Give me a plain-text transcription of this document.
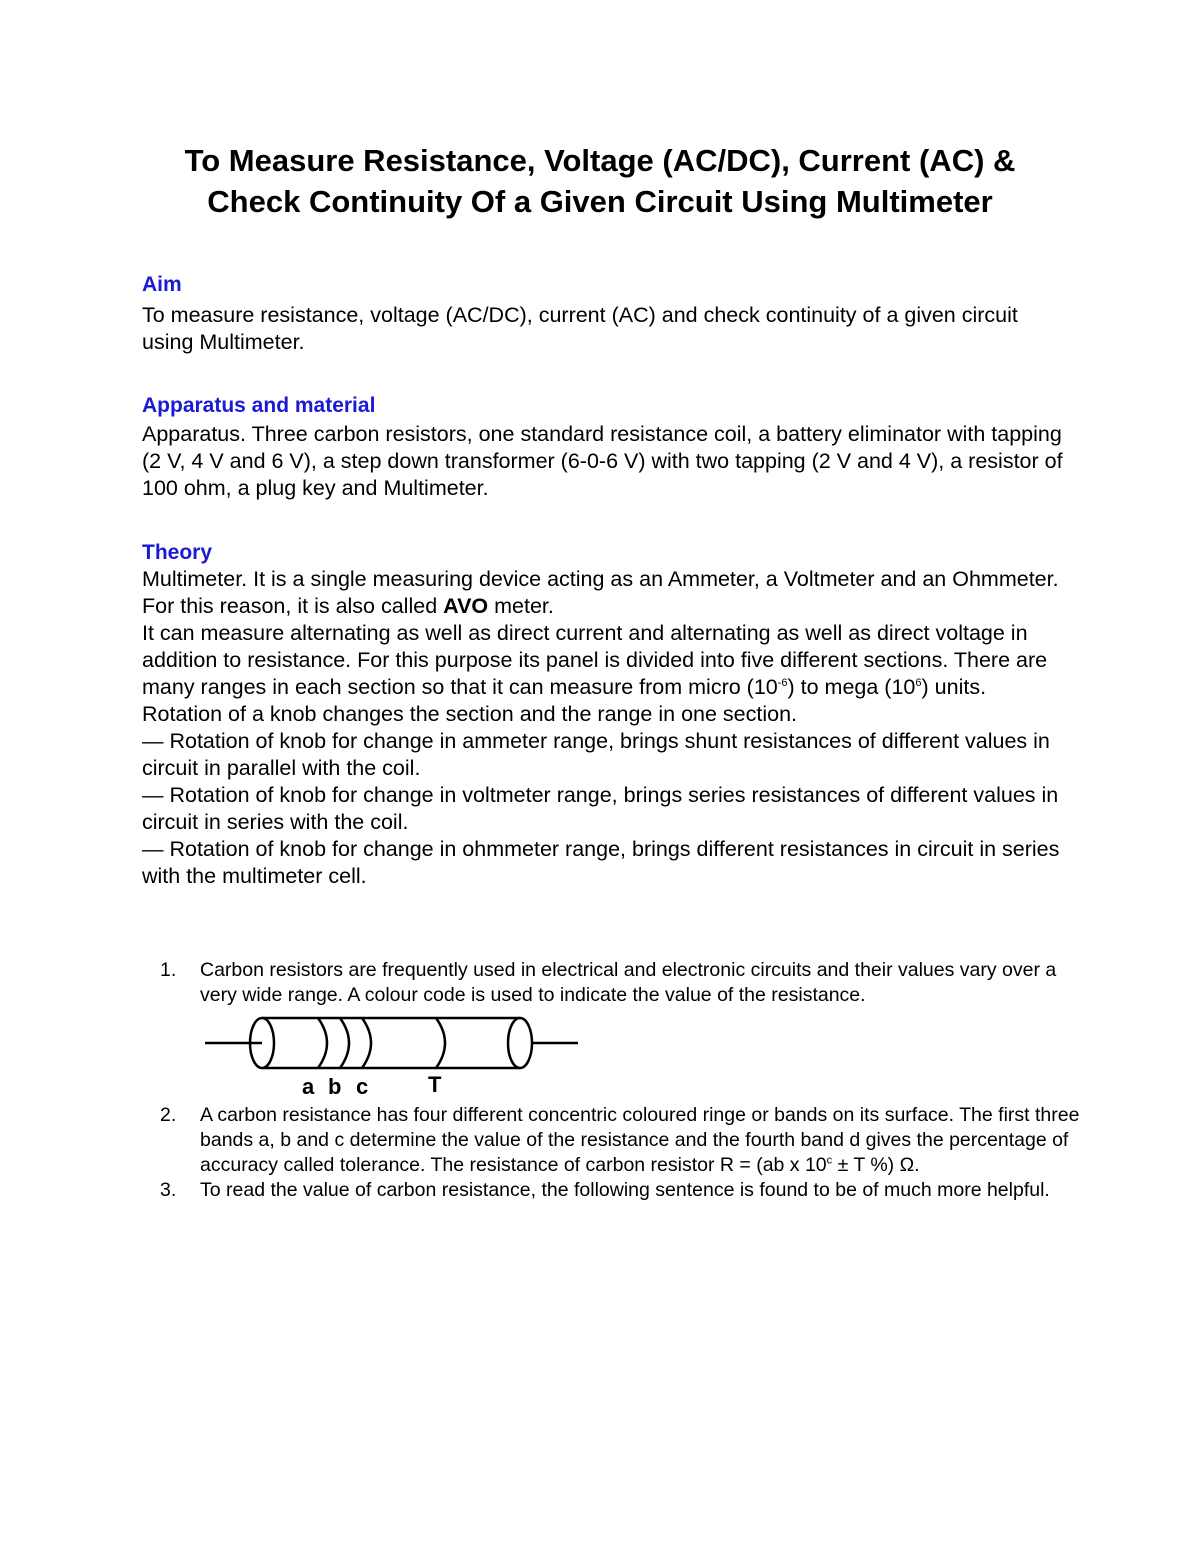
To Measure Resistance, Voltage (AC/DC), Current (AC) &
Check Continuity Of a Given Circuit Using Multimeter
Aim

To measure resistance, voltage (AC/DC), current (AC) and check continuity of a given circuit using Multimeter.

Apparatus and material

Apparatus. Three carbon resistors, one standard resistance coil, a battery eliminator with tapping (2 V, 4 V and 6 V), a step down transformer (6-0-6 V) with two tapping (2 V and 4 V), a resistor of 100 ohm, a plug key and Multimeter.

Theory

Multimeter. It is a single measuring device acting as an Ammeter, a Voltmeter and an Ohmmeter. For this reason, it is also called AVO meter.

It can measure alternating as well as direct current and alternating as well as direct voltage in addition to resistance. For this purpose its panel is divided into five different sections. There are many ranges in each section so that it can measure from micro $(10^{-6})$ to mega $(10^6)$ units. Rotation of a knob changes the section and the range in one section.

— Rotation of knob for change in ammeter range, brings shunt resistances of different values in circuit in parallel with the coil.

— Rotation of knob for change in voltmeter range, brings series resistances of different values in circuit in series with the coil.

— Rotation of knob for change in ohmmeter range, brings different resistances in circuit in series with the multimeter cell.

1. Carbon resistors are frequently used in electrical and electronic circuits and their values vary over a very wide range. A colour code is used to indicate the value of the resistance.
a b c	T
2. A carbon resistance has four different concentric coloured ringe or bands on its surface. The first three bands a, b and c determine the value of the resistance and the fourth band d gives the percentage of accuracy called tolerance. The resistance of carbon resistor R = (ab x $10^c \pm T$ %) Ω.
3. To read the value of carbon resistance, the following sentence is found to be of much more helpful.
